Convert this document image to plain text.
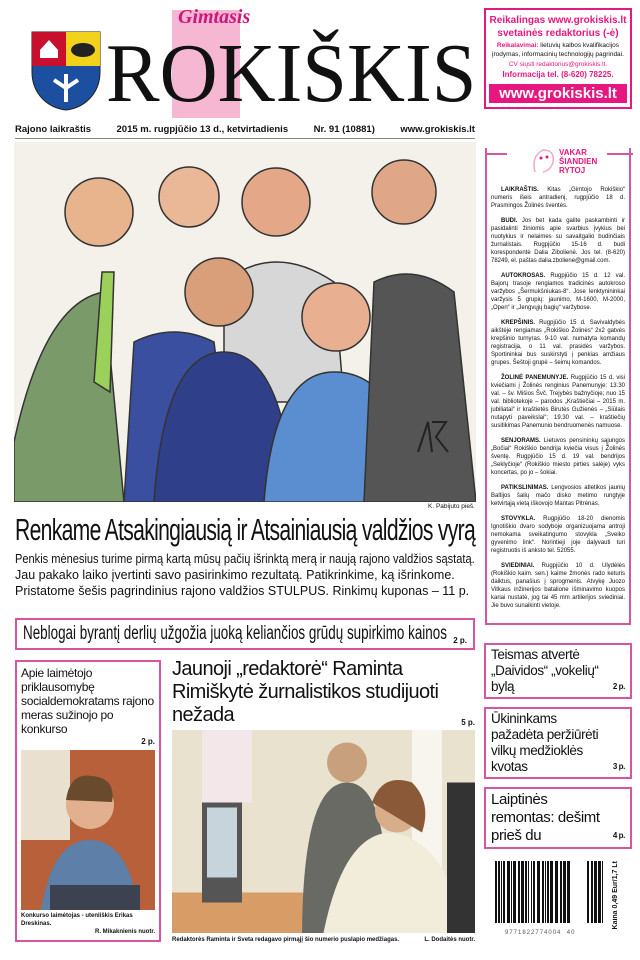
ROKIŠKIS
Gimtasis	Reikalingas www.grokiskis.lt
svetainės redaktorius (-ė)
Reikalavimai: lietuvių kalbos kvalifikacijos įrodymas, informacinių technologijų pagrindai.
CV siųsti redaktorius@grokiskis.lt.
Informacija tel. (8-620) 78225.
www.grokiskis.lt
Rajono laikraštis	2015 m. rugpjūčio 13 d., ketvirtadienis	Nr. 91 (10881)	www.grokiskis.lt
K. Pabijuto pieš.
Renkame Atsakingiausią ir Atsainiausią valdžios vyrą
Penkis mėnesius turime pirmą kartą mūsų pačių išrinktą merą ir naują rajono valdžios sąstatą.
Jau pakako laiko įvertinti savo pasirinkimo rezultatą. Patikrinkime, ką išrinkome.
Pristatome šešis pagrindinius rajono valdžios STULPUS. Rinkimų kuponas – 11 p.
Neblogai byrantį derlių užgožia juoką keliančios grūdų supirkimo kainos 2 p.
Apie laimėtojo priklausomybę socialdemokratams rajono meras sužinojo po konkurso
2 p.
Konkurso laimėtojas - utenliškis Erikas Dreskinas.
R. Mikaknienis nuotr.
Jaunoji „redaktorė“ Raminta Rimiškytė žurnalistikos studijuoti nežada	5 p.
Redaktorės Raminta ir Sveta redagavo pirmąjį šio numerio puslapio medžiagas.	L. Dodaitės nuotr.
VAKAR
ŠIANDIEN
RYTOJ

LAIKRAŠTIS. Kitas „Gimtojo Rokiškio“ numeris išeis antradienį, rugpjūčio 18 d. Prasmingos Žolinės šventės.

BUDI. Jos bet kada galite paskambinti ir pasidalinti žiniomis apie svarbius įvykius bei nuotykius ir nelaimes su savaitgalio budinčiais žurnalistais. Rugpjūčio 15-16 d. budi korespondentė Dalia Zibolienė. Jos tel. (8-620) 78249, el. paštas dalia.zboliene@gmail.com.

AUTOKROSAS. Rugpjūčio 15 d. 12 val. Bajorų trasoje rengiamos tradicinės autokroso varžybos „Šermukšniukas-8“. Jose lenktynininkai varžysis 5 grupių: jaunimo, M-1600, M-2000, „Open“ ir „Jengvųjų bagių“ varžybose.

KREPŠINIS. Rugpjūčio 15 d. Savivaldybės aikštėje rengiamas „Rokiškio Žolinės“ 2x2 gatvės krepšinio turnyras. 9-10 val. numatyta komandų registracija, o 11 val. prasidės varžybos. Sportininkai bus suskirstyti į penkias amžiaus grupes. Šeštoji grupė – šeimų komandos.

ŽOLINĖ PANEMUNYJE. Rugpjūčio 15 d. visi kviečiami į Žolinės renginius Panemunyje: 13.30 val. – šv. Mišios Švč. Trejybės bažnyčioje; nuo 15 val. bibliotekoje – parodos „Kraštiečiai – 2015 m. jubiliatai“ ir kraštietės Birutės Gužienės – „Siūlais nutapyti paveikslai“; 19.30 val. – kraštiečių susitikimas Panemunio bendruomenės namuose.

SENJORAMS. Lietuvos pensininkų sąjungos „Bočiai“ Rokiškio bendrija kviečia visus į Žolinės šventę. Rugpjūčio 15 d. 19 val. bendrijos „Seklyčioje“ (Rokiškio miesto pirties salėje) vyks koncertas, po jo – šokiai.

PATIKSLINIMAS. Lengvosios atletikos jaunių Baltijos šalių mačo disko metimo rungtyje ketvirtąją vietą iškovojo Mantas Pitrėnas.

STOVYKLA. Rugpjūčio 18-20 dienomis Ignotiškio dvaro sodyboje organizuojama antroji nemokama sveikatingumo stovykla „Sveiko gyvenimo link“. Norintieji joje dalyvauti turi registruotis iš anksto tel. 52055.

SVIEDINIAI. Rugpjūčio 10 d. Ulydėlės (Rokiškio kaim. sen.) kaime žmonės rado keturis daiktus, panašius į sprogmenis. Atvykę Juozo Vitkaus inžinerijos batalione išminavimo kuopos kariai nustatė, jog tai 45 mm artilerijos sviediniai. Jie buvo sunaikinti vietoje.

Teismas atvertė „Daividos“ „vokelių“ bylą	2 p.
Ūkininkams pažadėta peržiūrėti vilkų medžioklės kvotas	3 p.
Laiptinės remontas: dešimt prieš du	4 p.
9771822774004 40
Kaina 0,49 Eur/1,7 Lt
